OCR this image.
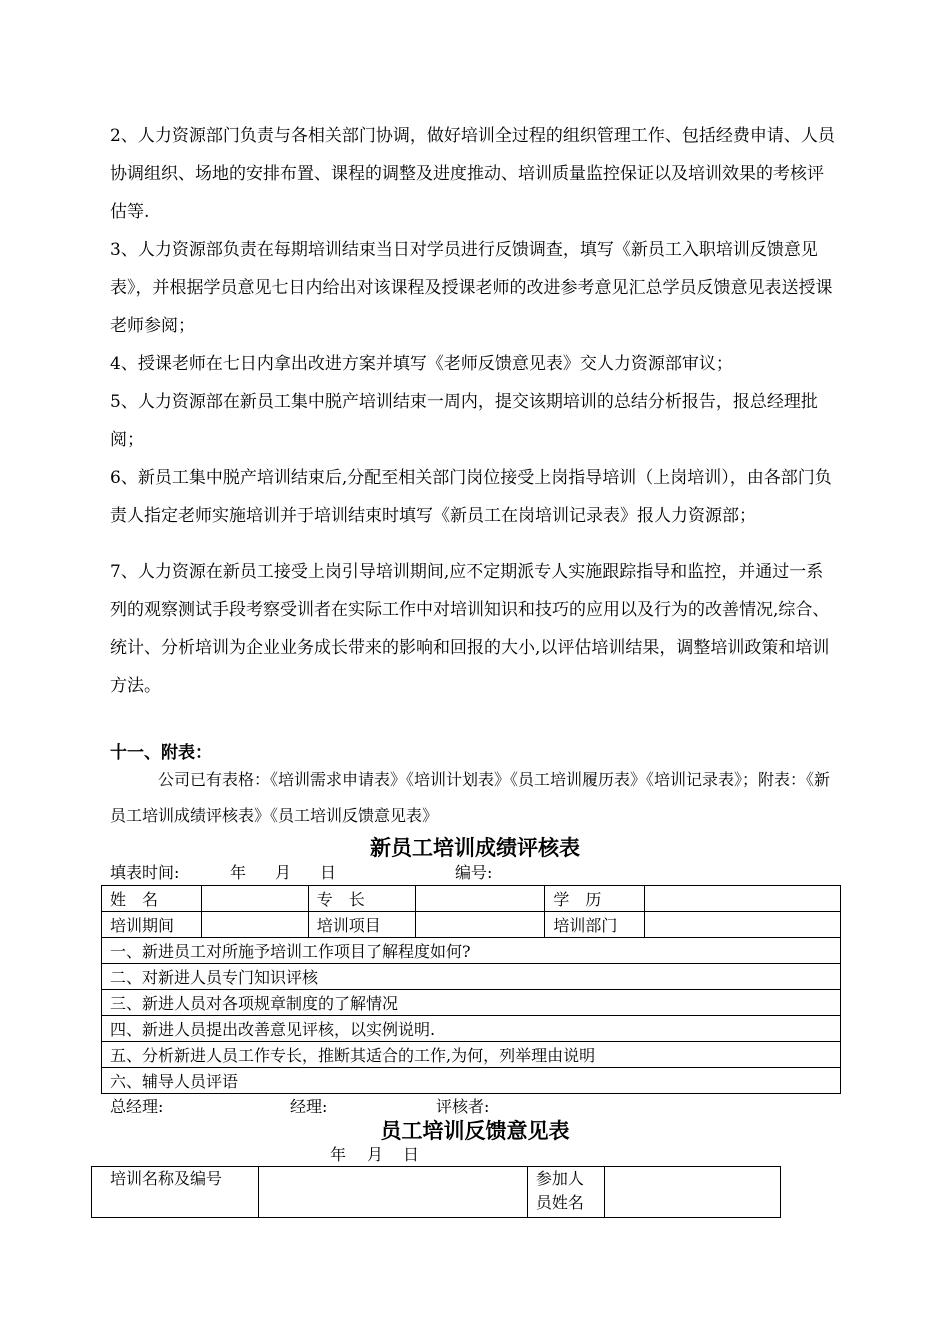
2、人力资源部门负责与各相关部门协调，做好培训全过程的组织管理工作、包括经费申请、人员协调组织、场地的安排布置、课程的调整及进度推动、培训质量监控保证以及培训效果的考核评估等.

3、人力资源部负责在每期培训结束当日对学员进行反馈调查，填写《新员工入职培训反馈意见表》，并根据学员意见七日内给出对该课程及授课老师的改进参考意见汇总学员反馈意见表送授课老师参阅；

4、授课老师在七日内拿出改进方案并填写《老师反馈意见表》交人力资源部审议；

5、人力资源部在新员工集中脱产培训结束一周内，提交该期培训的总结分析报告，报总经理批阅；

6、新员工集中脱产培训结束后,分配至相关部门岗位接受上岗指导培训（上岗培训），由各部门负责人指定老师实施培训并于培训结束时填写《新员工在岗培训记录表》报人力资源部；

7、人力资源在新员工接受上岗引导培训期间,应不定期派专人实施跟踪指导和监控，并通过一系列的观察测试手段考察受训者在实际工作中对培训知识和技巧的应用以及行为的改善情况,综合、统计、分析培训为企业业务成长带来的影响和回报的大小,以评估培训结果，调整培训政策和培训方法。

十一、附表：
公司已有表格：《培训需求申请表》《培训计划表》《员工培训履历表》《培训记录表》；附表：《新员工培训成绩评核表》《员工培训反馈意见表》
新员工培训成绩评核表
填表时间:	年 月 日	编号:
姓　名		专　长		学　历	
培训期间		培训项目		培训部门	
一、新进员工对所施予培训工作项目了解程度如何?					
二、对新进人员专门知识评核					
三、新进人员对各项规章制度的了解情况					
四、新进人员提出改善意见评核，以实例说明.					
五、分析新进人员工作专长，推断其适合的工作,为何，列举理由说明					
六、辅导人员评语					
总经理:	经理:	评核者:
员工培训反馈意见表
年 月 日
培训名称及编号		参加人员姓名	
